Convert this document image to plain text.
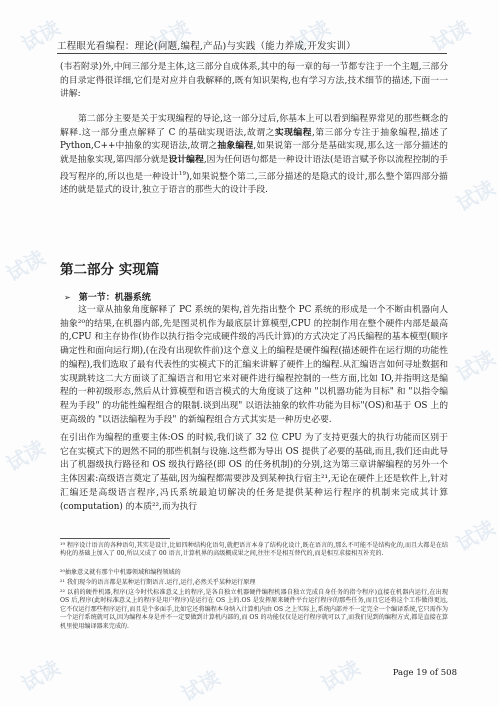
试读	试读	试读	试读
试读
试读
试读
试读
试读
试读	试读	试读
工程眼光看编程：理论(问题,编程,产品)与实践（能力养成,开发实训）
(韦若附录)外,中间三部分是主体,这三部分自成体系,其中的每一章的每一节都专注于一个主题,三部分的目录定得很详细,它们是对应并自我解释的,既有知识架构,也有学习方法,技术细节的描述,下面一一讲解:
第二部分主要是关于实现编程的导论,这一部分过后,你基本上可以看到编程界常见的那些概念的解释.这一部分重点解释了 C 的基础实现语法,故谓之实现编程,第三部分专注于抽象编程,描述了 Python,C++中抽象的实现语法,故谓之抽象编程,如果说第一部分是基础实现,那么这一部分描述的就是抽象实现,第四部分就是设计编程,因为任何语句都是一种设计语法(是语言赋予你以流程控制的手段写程序的,所以也是一种设计$^{19}$),如果说整个第二,三部分描述的是隐式的设计,那么整个第四部分描述的就是显式的设计,独立于语言的那些大的设计手段.
第二部分 实现篇
➢ 第一节：机器系统
这一章从抽象角度解释了 PC 系统的架构,首先指出整个 PC 系统的形成是一个不断由机器向人抽象²⁰的结果,在机器内部,先是图灵机作为最底层计算模型,CPU 的控制作用在整个硬件内部是最高的,CPU 和主存协作(协作以执行指令完成硬件级的冯氏计算)的方式决定了冯氏编程的基本模型(顺序确定性和面向运行期),(在没有出现软件前)这个意义上的编程是硬件编程(描述硬件在运行期的功能性的编程),我们选取了最有代表性的实模式下的汇编来讲解了硬件上的编程.从汇编语言如何寻址数据和实现跳转这二大方面谈了汇编语言和用它来对硬件进行编程控制的一些方面,比如 IO,并指明这是编程的一种初级形态,然后从计算模型和语言模式的大角度谈了这种 "以机器功能为目标" 和 "以指令编程为手段" 的功能性编程组合的限制.谈到出现" 以语法抽象的软件功能为目标"(OS)和基于 OS 上的更高级的 "以语法编程为手段" 的新编程组合方式其实是一种历史必要.
在引出作为编程的重要主体:OS 的时候,我们谈了 32 位 CPU 为了支持更强大的执行功能而区别于它在实模式下的迥然不同的那些机制与设施.这些都为导出 OS 提供了必要的基础,而且,我们还由此导出了机器级执行路径和 OS 级执行路径(即 OS 的任务机制)的分别,这为第三章讲解编程的另外一个主体因素:高级语言奠定了基础,因为编程都需要涉及到某种执行宿主²¹,无论在硬件上还是软件上,针对汇编还是高级语言程序,冯氏系统最迫切解决的任务是提供某种运行程序的机制来完成其计算 (computation) 的本质²²,而为执行
¹⁹ 程序设计语言的各种语句,其实是设计,比如四种结构化语句,就把语言本身了结构化设计,既在语言的,那么不可能不是结构化的,而且大都是在结构化的基础上加入了 00,所以又成了 00 语言,计算机界的高级概成果之间,往往不是相互替代的,而是相互求接相互补充的.
²⁰抽象意义就有那个中机器领域和编程领域的
²¹ 我们现今的语言都是某种运行期语言.运行,运行,必然关乎某种运行原理
²² 以前的硬件机器,程序(这今时代标准意义上的程序,是各自独立机器硬件编程机器自独立完成自身任务的指令程序)直接在机器内运行,在出现 OS 后,程序(此时标准意义上的程序是用户程序)是运行在 OS 上的.OS 是发挥原来硬件平台运行程序的那些任务,而且它还将这个工作做得更远,它不仅运行那些程序运行,而且是个多面手,比如它还将编程本身纳入计算机内由 OS 之上实际上,系统内部并不一定完全一个编译系统,它只需作为一个运行系统就可以,因为编程本身是并不一定要做到计算机内部的,而 OS 的功能仅仅是运行程序就可以了,而我们见到的编程方式,都是直接在算机里使用编译器来完成的.
Page 19 of 508
